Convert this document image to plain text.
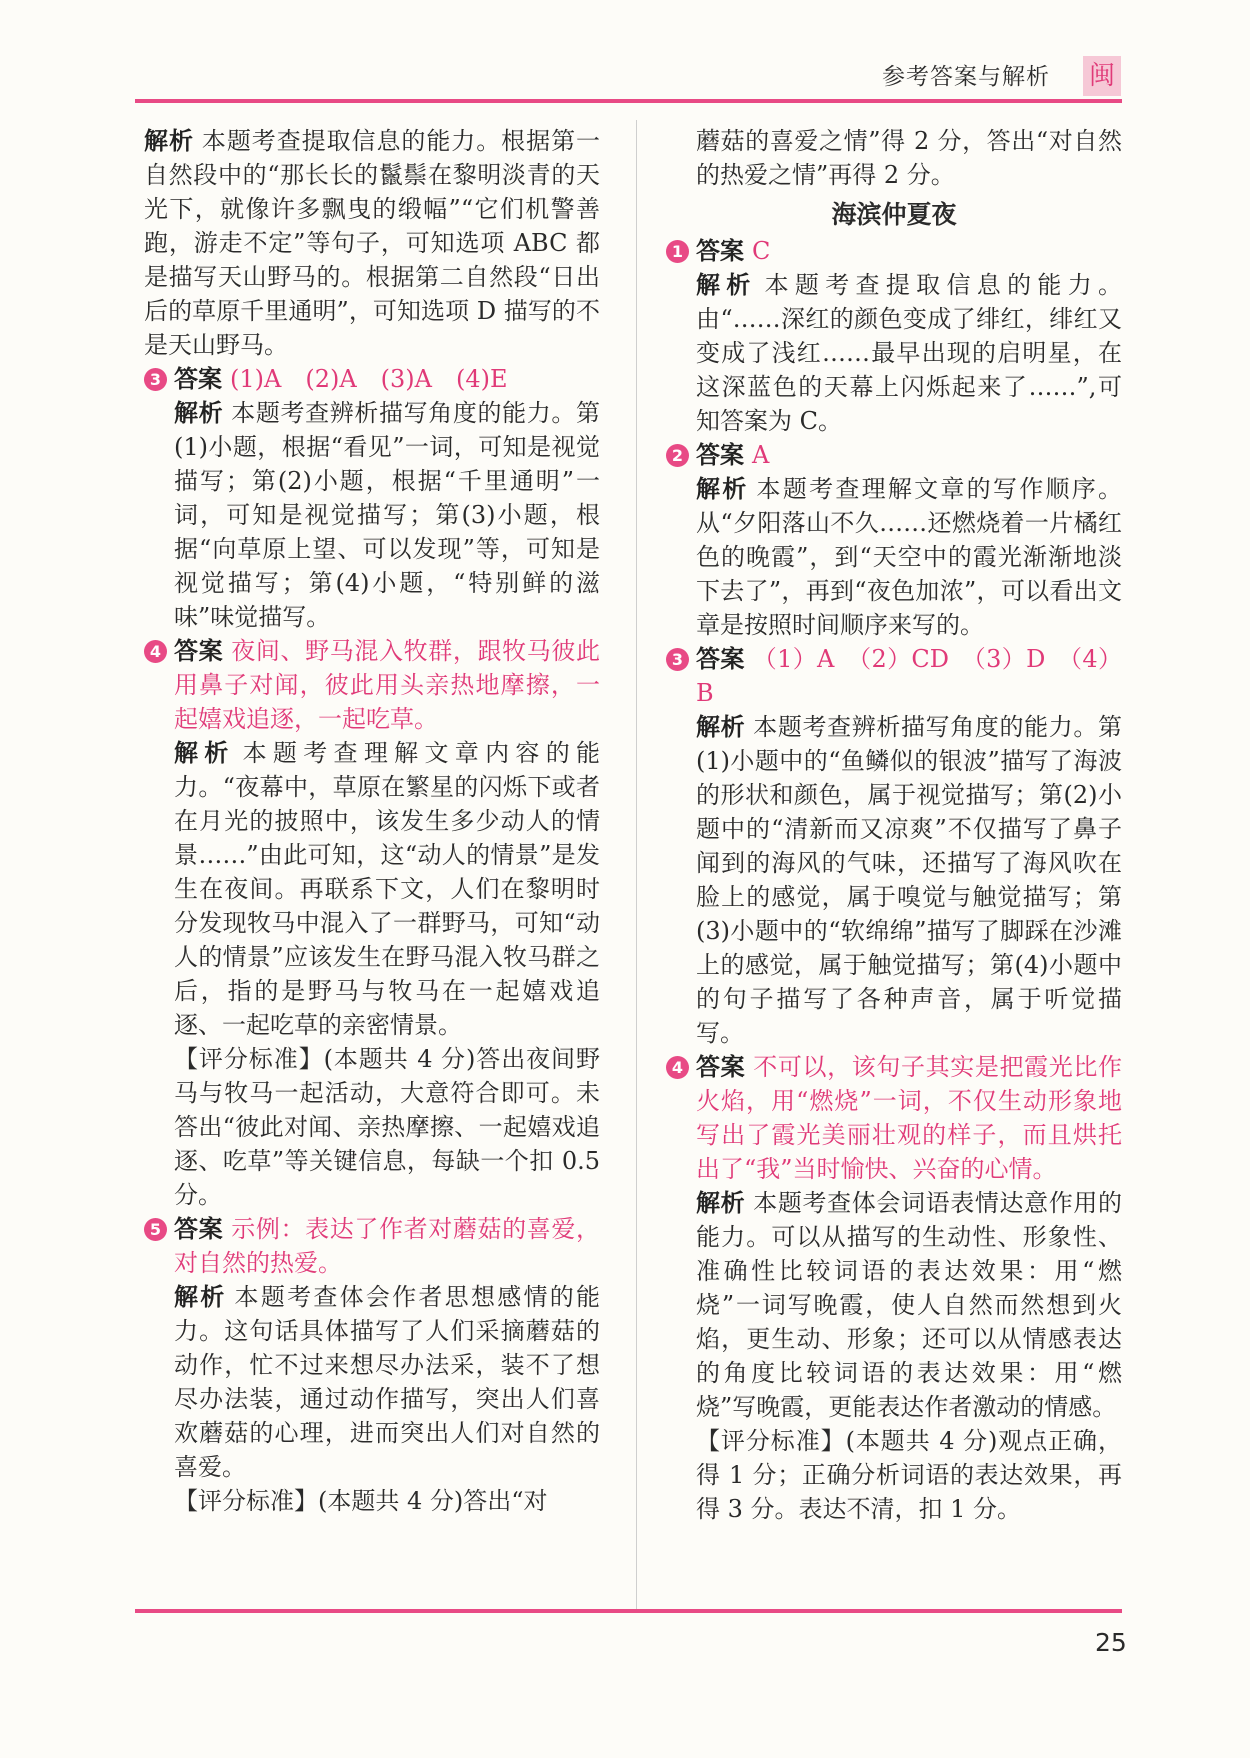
参考答案与解析	闽

解析 本题考查提取信息的能力。根据第一自然段中的“那长长的鬣鬃在黎明淡青的天光下，就像许多飘曳的缎幅”“它们机警善跑，游走不定”等句子，可知选项 ABC 都是描写天山野马的。根据第二自然段“日出后的草原千里通明”，可知选项 D 描写的不是天山野马。

3 答案 (1)A　(2)A　(3)A　(4)E

解析 本题考查辨析描写角度的能力。第(1)小题，根据“看见”一词，可知是视觉描写；第(2)小题，根据“千里通明”一词，可知是视觉描写；第(3)小题，根据“向草原上望、可以发现”等，可知是视觉描写；第(4)小题，“特别鲜的滋味”味觉描写。

4 答案 夜间、野马混入牧群，跟牧马彼此用鼻子对闻，彼此用头亲热地摩擦，一起嬉戏追逐，一起吃草。

解析 本题考查理解文章内容的能力。“夜幕中，草原在繁星的闪烁下或者在月光的披照中，该发生多少动人的情景……”由此可知，这“动人的情景”是发生在夜间。再联系下文，人们在黎明时分发现牧马中混入了一群野马，可知“动人的情景”应该发生在野马混入牧马群之后，指的是野马与牧马在一起嬉戏追逐、一起吃草的亲密情景。

【评分标准】(本题共 4 分)答出夜间野马与牧马一起活动，大意符合即可。未答出“彼此对闻、亲热摩擦、一起嬉戏追逐、吃草”等关键信息，每缺一个扣 0.5 分。

5 答案 示例：表达了作者对蘑菇的喜爱，对自然的热爱。

解析 本题考查体会作者思想感情的能力。这句话具体描写了人们采摘蘑菇的动作，忙不过来想尽办法采，装不了想尽办法装，通过动作描写，突出人们喜欢蘑菇的心理，进而突出人们对自然的喜爱。

【评分标准】(本题共 4 分)答出“对

蘑菇的喜爱之情”得 2 分，答出“对自然的热爱之情”再得 2 分。

海滨仲夏夜
1 答案 C

解析 本题考查提取信息的能力。由“……深红的颜色变成了绯红，绯红又变成了浅红……最早出现的启明星，在这深蓝色的天幕上闪烁起来了……”,可知答案为 C。

2 答案 A

解析 本题考查理解文章的写作顺序。从“夕阳落山不久……还燃烧着一片橘红色的晚霞”，到“天空中的霞光渐渐地淡下去了”，再到“夜色加浓”，可以看出文章是按照时间顺序来写的。

3 答案 （1）A　（2）CD　（3）D　（4）B

解析 本题考查辨析描写角度的能力。第(1)小题中的“鱼鳞似的银波”描写了海波的形状和颜色，属于视觉描写；第(2)小题中的“清新而又凉爽”不仅描写了鼻子闻到的海风的气味，还描写了海风吹在脸上的感觉，属于嗅觉与触觉描写；第(3)小题中的“软绵绵”描写了脚踩在沙滩上的感觉，属于触觉描写；第(4)小题中的句子描写了各种声音，属于听觉描写。

4 答案 不可以，该句子其实是把霞光比作火焰，用“燃烧”一词，不仅生动形象地写出了霞光美丽壮观的样子，而且烘托出了“我”当时愉快、兴奋的心情。

解析 本题考查体会词语表情达意作用的能力。可以从描写的生动性、形象性、准确性比较词语的表达效果：用“燃烧”一词写晚霞，使人自然而然想到火焰，更生动、形象；还可以从情感表达的角度比较词语的表达效果：用“燃烧”写晚霞，更能表达作者激动的情感。

【评分标准】(本题共 4 分)观点正确，得 1 分；正确分析词语的表达效果，再得 3 分。表达不清，扣 1 分。

25
